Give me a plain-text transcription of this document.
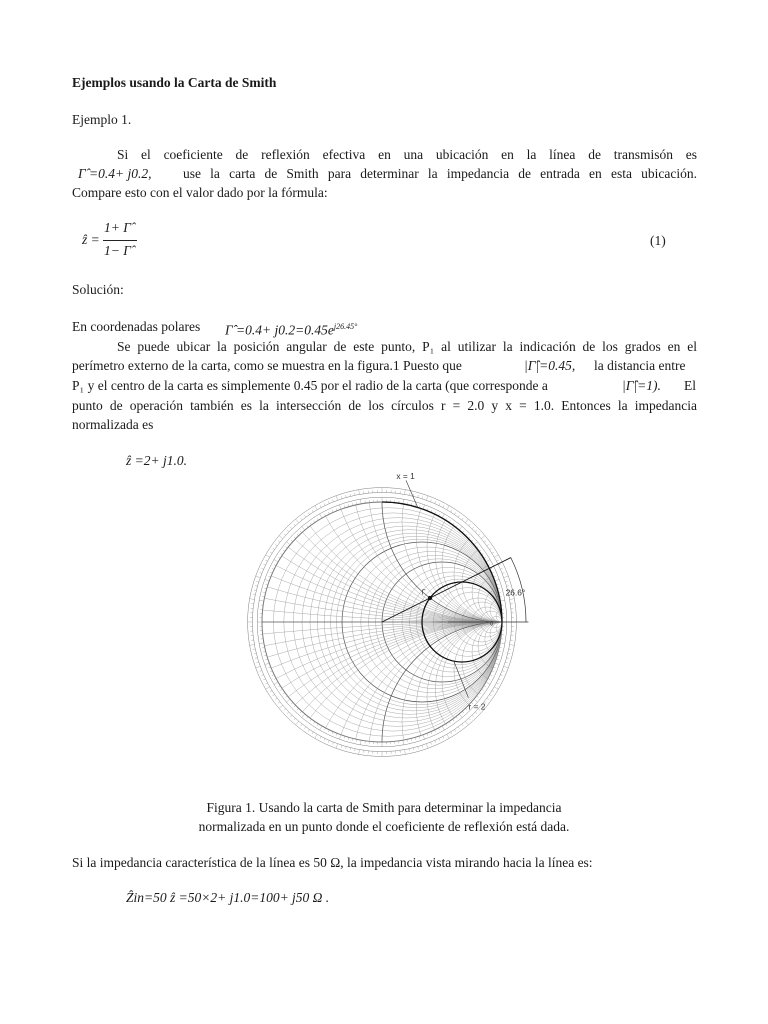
Ejemplos usando la Carta de Smith
Ejemplo 1.
Si el coeficiente de reflexión efectiva en una ubicación en la línea de transmisón es
Γ̂ =0.4+ j0.2, use la carta de Smith para determinar la impedancia de entrada en esta ubicación.
Compare esto con el valor dado por la fórmula:
ẑ =
1+ Γ̂
1− Γ̂
(1)
Solución:
En coordenadas polares Γ̂ $=0.4+ j0.2=0.45e^{j26.45^\circ}$
Se puede ubicar la posición angular de este punto, P₁ al utilizar la indicación de los grados en el
perímetro externo de la carta, como se muestra en la figura.1 Puesto que	|Γ̂|=0.45, la distancia entre
P₁ y el centro de la carta es simplemente 0.45 por el radio de la carta (que corresponde a	|Γ̂|=1). El
punto de operación también es la intersección de los círculos r = 2.0 y x = 1.0. Entonces la impedancia
normalizada es
ẑ =2+ j1.0.
Figura 1. Usando la carta de Smith para determinar la impedancia
normalizada en un punto donde el coeficiente de reflexión está dada.
Si la impedancia característica de la línea es 50 Ω, la impedancia vista mirando hacia la línea es:
Ẑin=50 ẑ =50×2+ j1.0=100+ j50 Ω .
